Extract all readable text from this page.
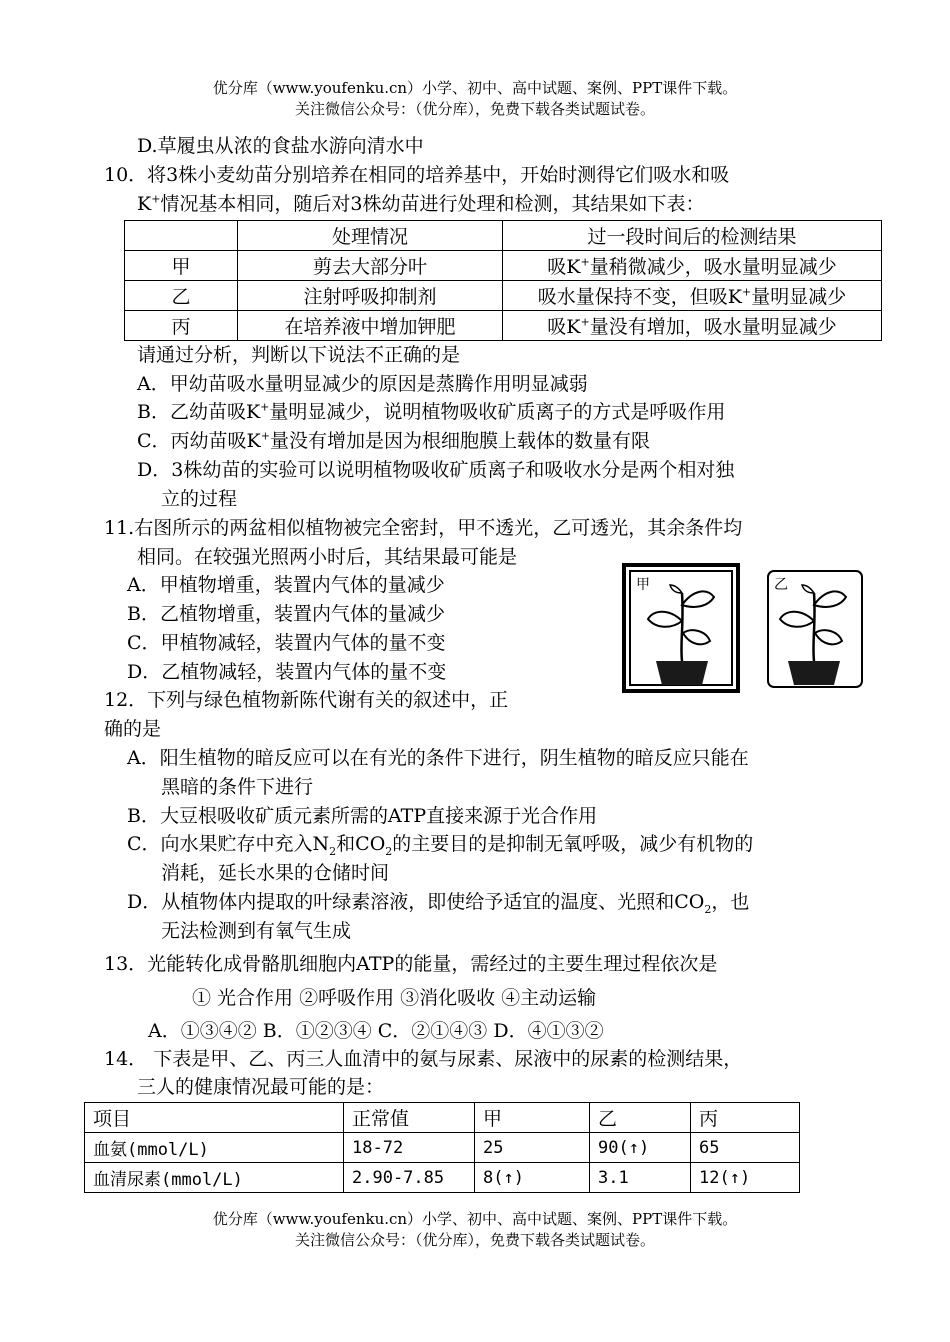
优分库（www.youfenku.cn）小学、初中、高中试题、案例、PPT课件下载。
关注微信公众号：（优分库），免费下载各类试题试卷。
D.草履虫从浓的食盐水游向清水中
10．将3株小麦幼苗分别培养在相同的培养基中，开始时测得它们吸水和吸
K+情况基本相同，随后对3株幼苗进行处理和检测，其结果如下表：
	处理情况	过一段时间后的检测结果
甲	剪去大部分叶	吸K+量稍微减少，吸水量明显减少
乙	注射呼吸抑制剂	吸水量保持不变，但吸K+量明显减少
丙	在培养液中增加钾肥	吸K+量没有增加，吸水量明显减少
请通过分析，判断以下说法不正确的是
A．甲幼苗吸水量明显减少的原因是蒸腾作用明显减弱
B．乙幼苗吸K+量明显减少，说明植物吸收矿质离子的方式是呼吸作用
C．丙幼苗吸K+量没有增加是因为根细胞膜上载体的数量有限
D．3株幼苗的实验可以说明植物吸收矿质离子和吸收水分是两个相对独
立的过程
11.右图所示的两盆相似植物被完全密封，甲不透光，乙可透光，其余条件均
相同。在较强光照两小时后，其结果最可能是
A．甲植物增重，装置内气体的量减少
B．乙植物增重，装置内气体的量减少
C．甲植物减轻，装置内气体的量不变
D．乙植物减轻，装置内气体的量不变
甲	乙
12．下列与绿色植物新陈代谢有关的叙述中，正
确的是
A．阳生植物的暗反应可以在有光的条件下进行，阴生植物的暗反应只能在
黑暗的条件下进行
B．大豆根吸收矿质元素所需的ATP直接来源于光合作用
C．向水果贮存中充入$N_2$和$CO_2$的主要目的是抑制无氧呼吸，减少有机物的
消耗，延长水果的仓储时间
D．从植物体内提取的叶绿素溶液，即使给予适宜的温度、光照和$CO_2$，也
无法检测到有氧气生成
13．光能转化成骨骼肌细胞内ATP的能量，需经过的主要生理过程依次是
① 光合作用 ②呼吸作用 ③消化吸收 ④主动运输
A．①③④② B．①②③④ C．②①④③ D．④①③②
14． 下表是甲、乙、丙三人血清中的氨与尿素、尿液中的尿素的检测结果，
三人的健康情况最可能的是：
项目	正常值	甲	乙	丙
血氨(mmol/L)	18-72	25	90(↑)	65
血清尿素(mmol/L)	2.90-7.85	8(↑)	3.1	12(↑)
优分库（www.youfenku.cn）小学、初中、高中试题、案例、PPT课件下载。
关注微信公众号：（优分库），免费下载各类试题试卷。
